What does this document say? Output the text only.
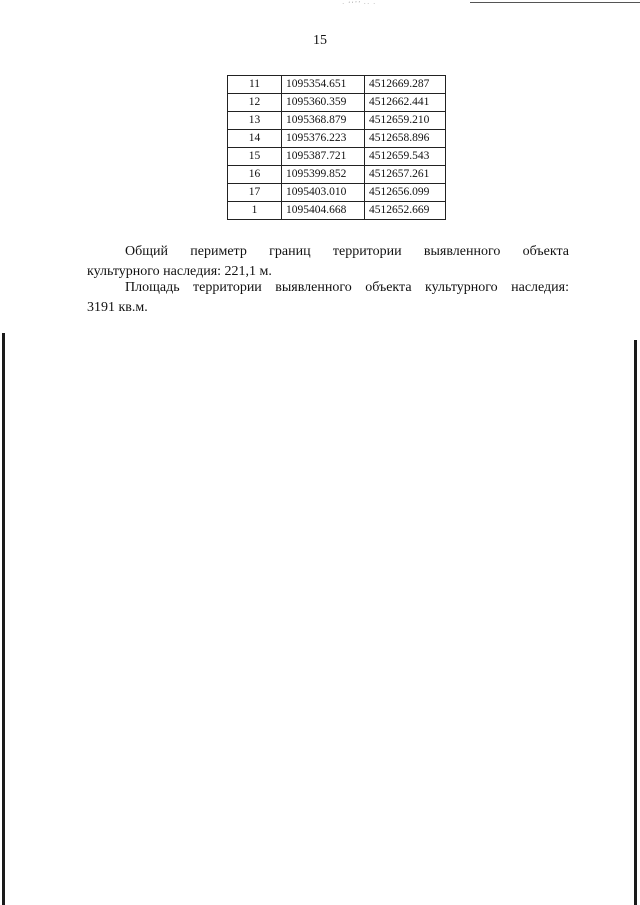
· ʻʻʼ’ ·· ·
15
11	1095354.651	4512669.287
12	1095360.359	4512662.441
13	1095368.879	4512659.210
14	1095376.223	4512658.896
15	1095387.721	4512659.543
16	1095399.852	4512657.261
17	1095403.010	4512656.099
1	1095404.668	4512652.669
Общий периметр границ территории выявленного объекта
культурного наследия: 221,1 м.
Площадь территории выявленного объекта культурного наследия:
3191 кв.м.
